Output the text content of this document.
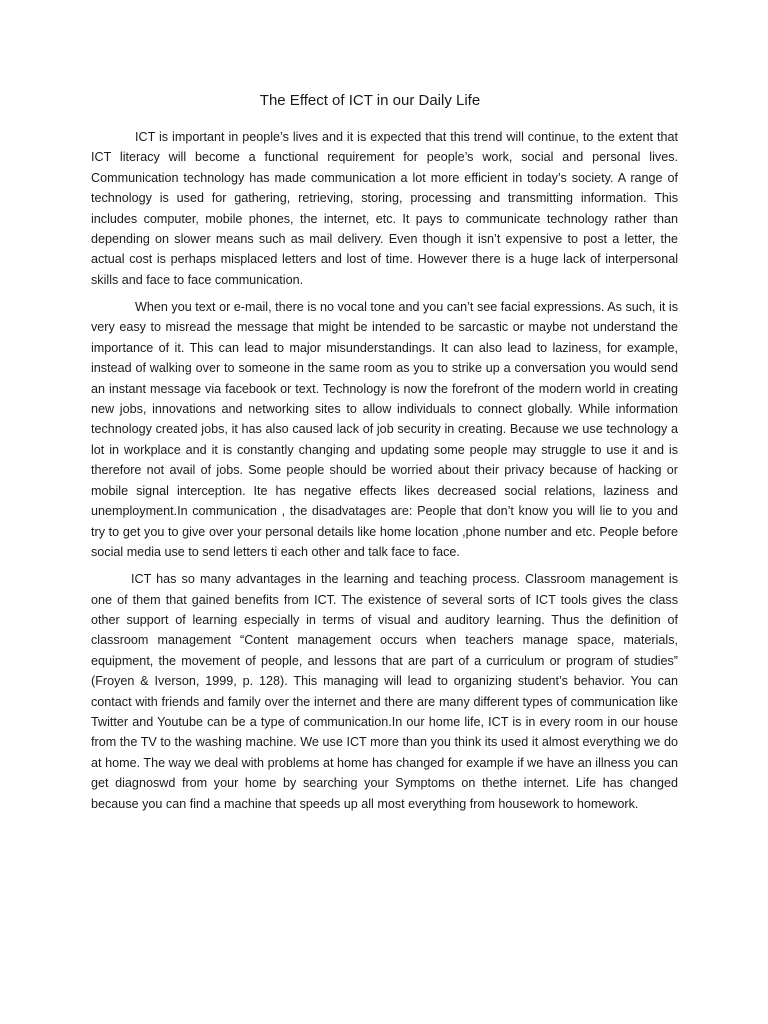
The Effect of ICT in our Daily Life

ICT is important in people’s lives and it is expected that this trend will continue, to the extent that ICT literacy will become a functional requirement for people’s work, social and personal lives. Communication technology has made communication a lot more efficient in today’s society. A range of technology is used for gathering, retrieving, storing, processing and transmitting information. This includes computer, mobile phones, the internet, etc. It pays to communicate technology rather than depending on slower means such as mail delivery. Even though it isn’t expensive to post a letter, the actual cost is perhaps misplaced letters and lost of time. However there is a huge lack of interpersonal skills and face to face communication.

When you text or e-mail, there is no vocal tone and you can’t see facial expressions. As such, it is very easy to misread the message that might be intended to be sarcastic or maybe not understand the importance of it. This can lead to major misunderstandings. It can also lead to laziness, for example, instead of walking over to someone in the same room as you to strike up a conversation you would send an instant message via facebook or text. Technology is now the forefront of the modern world in creating new jobs, innovations and networking sites to allow individuals to connect globally. While information technology created jobs, it has also caused lack of job security in creating. Because we use technology a lot in workplace and it is constantly changing and updating some people may struggle to use it and is therefore not avail of jobs. Some people should be worried about their privacy because of hacking or mobile signal interception. Ite has negative effects likes decreased social relations, laziness and unemployment.In communication , the disadvatages are: People that don’t know you will lie to you and try to get you to give over your personal details like home location ,phone number and etc. People before social media use to send letters ti each other and talk face to face.

ICT has so many advantages in the learning and teaching process. Classroom management is one of them that gained benefits from ICT. The existence of several sorts of ICT tools gives the class other support of learning especially in terms of visual and auditory learning. Thus the definition of classroom management “Content management occurs when teachers manage space, materials, equipment, the movement of people, and lessons that are part of a curriculum or program of studies” (Froyen & Iverson, 1999, p. 128). This managing will lead to organizing student’s behavior. You can contact with friends and family over the internet and there are many different types of communication like Twitter and Youtube can be a type of communication.In our home life, ICT is in every room in our house from the TV to the washing machine. We use ICT more than you think its used it almost everything we do at home. The way we deal with problems at home has changed for example if we have an illness you can get diagnoswd from your home by searching your Symptoms on thethe internet. Life has changed because you can find a machine that speeds up all most everything from housework to homework.
